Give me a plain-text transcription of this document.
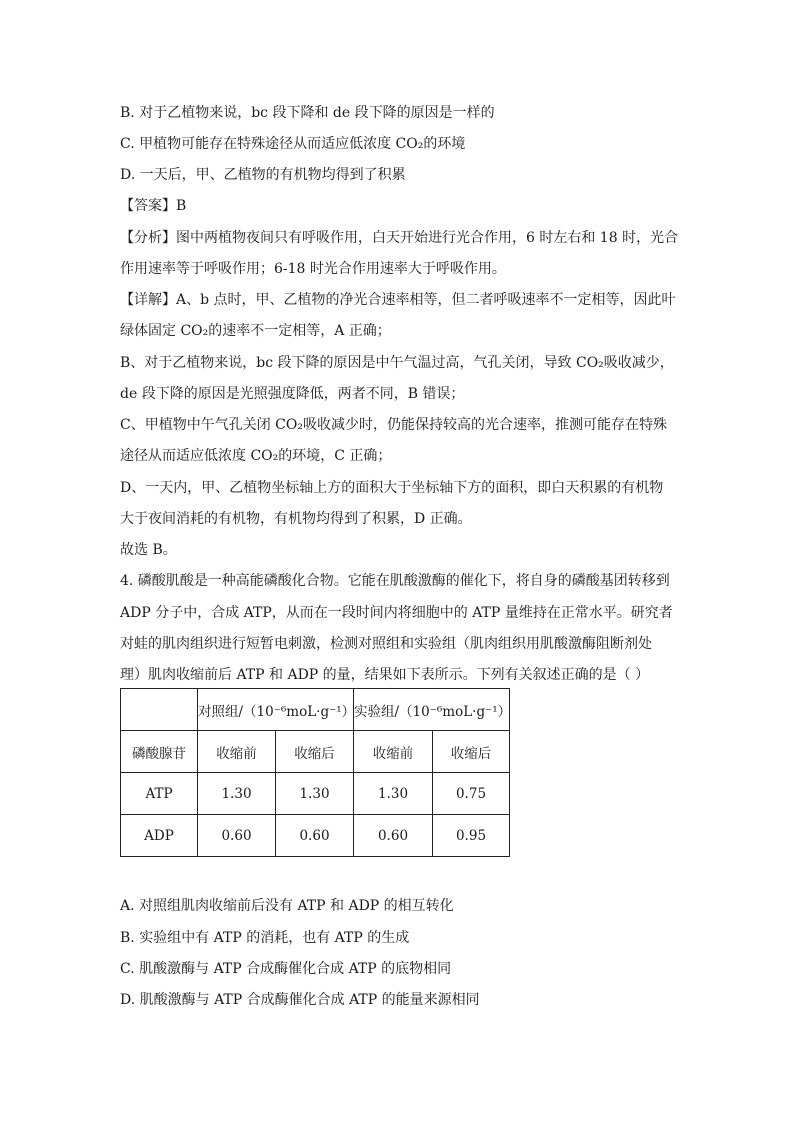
B. 对于乙植物来说，bc 段下降和 de 段下降的原因是一样的
C. 甲植物可能存在特殊途径从而适应低浓度 CO₂的环境
D. 一天后，甲、乙植物的有机物均得到了积累
【答案】B
【分析】图中两植物夜间只有呼吸作用，白天开始进行光合作用，6 时左右和 18 时，光合
作用速率等于呼吸作用；6-18 时光合作用速率大于呼吸作用。
【详解】A、b 点时，甲、乙植物的净光合速率相等，但二者呼吸速率不一定相等，因此叶
绿体固定 CO₂的速率不一定相等，A 正确；
B、对于乙植物来说，bc 段下降的原因是中午气温过高，气孔关闭，导致 CO₂吸收减少，
de 段下降的原因是光照强度降低，两者不同，B 错误；
C、甲植物中午气孔关闭 CO₂吸收减少时，仍能保持较高的光合速率，推测可能存在特殊
途径从而适应低浓度 CO₂的环境，C 正确；
D、一天内，甲、乙植物坐标轴上方的面积大于坐标轴下方的面积，即白天积累的有机物
大于夜间消耗的有机物，有机物均得到了积累，D 正确。
故选 B。
4. 磷酸肌酸是一种高能磷酸化合物。它能在肌酸激酶的催化下，将自身的磷酸基团转移到
ADP 分子中，合成 ATP，从而在一段时间内将细胞中的 ATP 量维持在正常水平。研究者
对蛙的肌肉组织进行短暂电刺激，检测对照组和实验组（肌肉组织用肌酸激酶阻断剂处
理）肌肉收缩前后 ATP 和 ADP 的量，结果如下表所示。下列有关叙述正确的是（ ）
	对照组/（10⁻⁶moL·g⁻¹）		实验组/（10⁻⁶moL·g⁻¹）	
磷酸腺苷	收缩前	收缩后	收缩前	收缩后
ATP	1.30	1.30	1.30	0.75
ADP	0.60	0.60	0.60	0.95
A. 对照组肌肉收缩前后没有 ATP 和 ADP 的相互转化
B. 实验组中有 ATP 的消耗，也有 ATP 的生成
C. 肌酸激酶与 ATP 合成酶催化合成 ATP 的底物相同
D. 肌酸激酶与 ATP 合成酶催化合成 ATP 的能量来源相同
